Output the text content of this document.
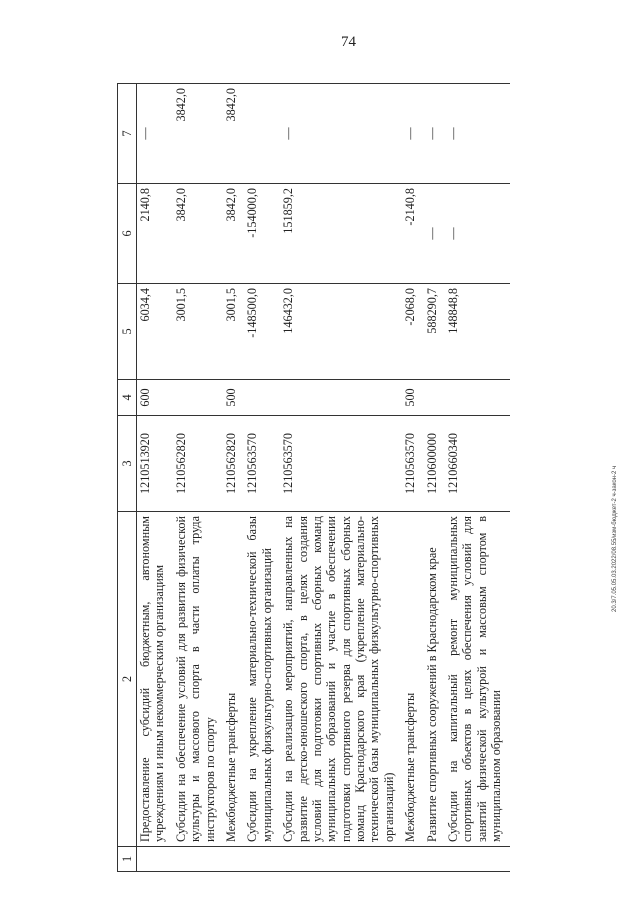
74
20.3/7.05.05.03.2022/08.55/изм-бюджет-2 ч-закон-2 ч
1	2	3	4	5	6	7
	Предоставление субсидий бюджетным, автономным учреждениям и иным некоммерческим организациям	1210513920	600	6034,4	2140,8	—
	Субсидии на обеспечение условий для развития физической культуры и массового спорта в части оплаты труда инструкторов по спорту	1210562820		3001,5	3842,0	3842,0
	Межбюджетные трансферты	1210562820	500	3001,5	3842,0	3842,0
	Субсидии на укрепление материально-технической базы муниципальных физкультурно-спортивных организаций	1210563570		-148500,0	-154000,0	
	Субсидии на реализацию мероприятий, направленных на развитие детско-юношеского спорта, в целях создания условий для подготовки спортивных сборных команд муниципальных образований и участие в обеспечении подготовки спортивного резерва для спортивных сборных команд Краснодарского края (укрепление материально-технической базы муниципальных физкультурно-спортивных организаций)	1210563570		146432,0	151859,2	—
	Межбюджетные трансферты	1210563570	500	-2068,0	-2140,8	—
	Развитие спортивных сооружений в Краснодарском крае	1210600000		588290,7	—	—
	Субсидии на капитальный ремонт муниципальных спортивных объектов в целях обеспечения условий для занятий физической культурой и массовым спортом в муниципальном образовании	1210660340		148848,8	—	—
